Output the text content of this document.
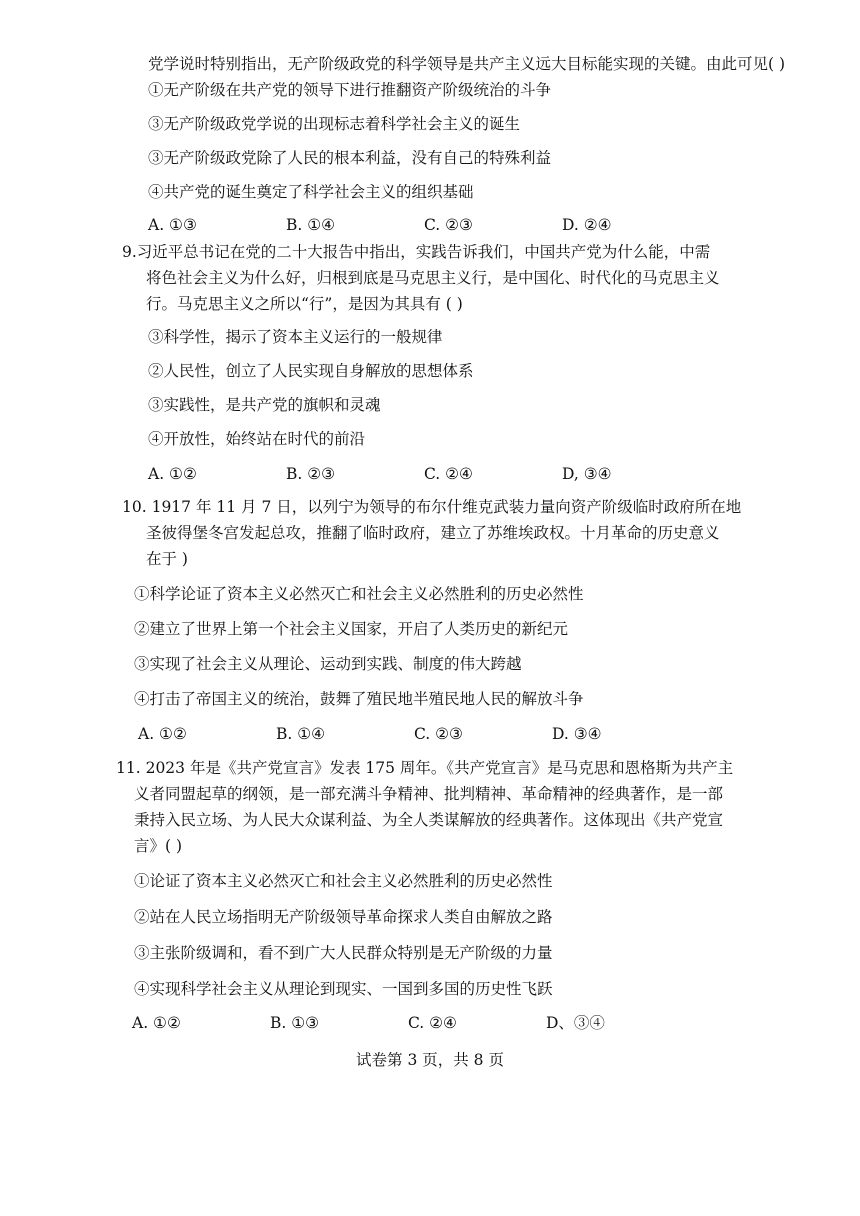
党学说时特别指出，无产阶级政党的科学领导是共产主义远大目标能实现的关键。由此可见( )
①无产阶级在共产党的领导下进行推翻资产阶级统治的斗争
③无产阶级政党学说的出现标志着科学社会主义的诞生
③无产阶级政党除了人民的根本利益，没有自己的特殊利益
④共产党的诞生奠定了科学社会主义的组织基础
A. ①③	B. ①④	C. ②③	D. ②④
9.习近平总书记在党的二十大报告中指出，实践告诉我们，中国共产党为什么能，中需
将色社会主义为什么好，归根到底是马克思主义行，是中国化、时代化的马克思主义
行。马克思主义之所以“行”，是因为其具有 ( )
③科学性，揭示了资本主义运行的一般规律
②人民性，创立了人民实现自身解放的思想体系
③实践性，是共产党的旗帜和灵魂
④开放性，始终站在时代的前沿
A. ①②	B. ②③	C. ②④	D, ③④
10. 1917 年 11 月 7 日，以列宁为领导的布尔什维克武装力量向资产阶级临时政府所在地
圣彼得堡冬宫发起总攻，推翻了临时政府，建立了苏维埃政权。十月革命的历史意义
在于 )
①科学论证了资本主义必然灭亡和社会主义必然胜利的历史必然性
②建立了世界上第一个社会主义国家，开启了人类历史的新纪元
③实现了社会主义从理论、运动到实践、制度的伟大跨越
④打击了帝国主义的统治，鼓舞了殖民地半殖民地人民的解放斗争
A. ①②	B. ①④	C. ②③	D. ③④
11. 2023 年是《共产党宣言》发表 175 周年。《共产党宣言》是马克思和恩格斯为共产主
义者同盟起草的纲领，是一部充满斗争精神、批判精神、革命精神的经典著作，是一部
秉持入民立场、为人民大众谋利益、为全人类谋解放的经典著作。这体现出《共产党宣
言》( )
①论证了资本主义必然灭亡和社会主义必然胜利的历史必然性
②站在人民立场指明无产阶级领导革命探求人类自由解放之路
③主张阶级调和，看不到广大人民群众特别是无产阶级的力量
④实现科学社会主义从理论到现实、一国到多国的历史性飞跃
A. ①②	B. ①③	C. ②④	D、③④
试卷第 3 页，共 8 页
